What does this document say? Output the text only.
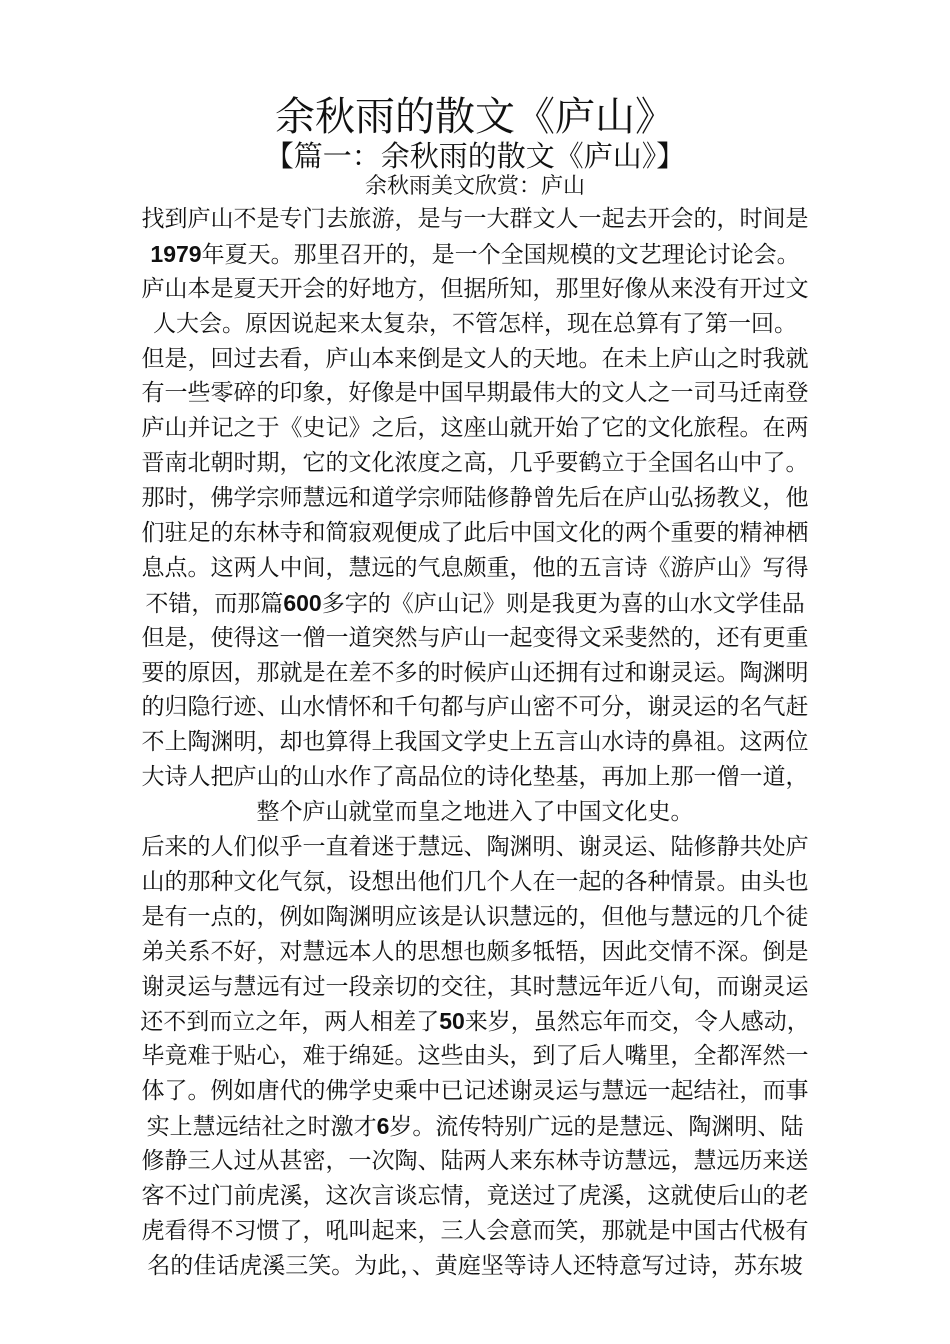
余秋雨的散文《庐山》
【篇一：余秋雨的散文《庐山》】
余秋雨美文欣赏：庐山
找到庐山不是专门去旅游，是与一大群文人一起去开会的，时间是
1979年夏天。那里召开的，是一个全国规模的文艺理论讨论会。
庐山本是夏天开会的好地方，但据所知，那里好像从来没有开过文
人大会。原因说起来太复杂，不管怎样，现在总算有了第一回。
但是，回过去看，庐山本来倒是文人的天地。在未上庐山之时我就
有一些零碎的印象，好像是中国早期最伟大的文人之一司马迁南登
庐山并记之于《史记》之后，这座山就开始了它的文化旅程。在两
晋南北朝时期，它的文化浓度之高，几乎要鹤立于全国名山中了。
那时，佛学宗师慧远和道学宗师陆修静曾先后在庐山弘扬教义，他
们驻足的东林寺和简寂观便成了此后中国文化的两个重要的精神栖
息点。这两人中间，慧远的气息颇重，他的五言诗《游庐山》写得
不错，而那篇600多字的《庐山记》则是我更为喜的山水文学佳品
但是，使得这一僧一道突然与庐山一起变得文采斐然的，还有更重
要的原因，那就是在差不多的时候庐山还拥有过和谢灵运。陶渊明
的归隐行迹、山水情怀和千句都与庐山密不可分，谢灵运的名气赶
不上陶渊明，却也算得上我国文学史上五言山水诗的鼻祖。这两位
大诗人把庐山的山水作了高品位的诗化垫基，再加上那一僧一道，
整个庐山就堂而皇之地进入了中国文化史。
后来的人们似乎一直着迷于慧远、陶渊明、谢灵运、陆修静共处庐
山的那种文化气氛，设想出他们几个人在一起的各种情景。由头也
是有一点的，例如陶渊明应该是认识慧远的，但他与慧远的几个徒
弟关系不好，对慧远本人的思想也颇多牴牾，因此交情不深。倒是
谢灵运与慧远有过一段亲切的交往，其时慧远年近八旬，而谢灵运
还不到而立之年，两人相差了50来岁，虽然忘年而交，令人感动，
毕竟难于贴心，难于绵延。这些由头，到了后人嘴里，全都浑然一
体了。例如唐代的佛学史乘中已记述谢灵运与慧远一起结社，而事
实上慧远结社之时激才6岁。流传特别广远的是慧远、陶渊明、陆
修静三人过从甚密，一次陶、陆两人来东林寺访慧远，慧远历来送
客不过门前虎溪，这次言谈忘情，竟送过了虎溪，这就使后山的老
虎看得不习惯了，吼叫起来，三人会意而笑，那就是中国古代极有
名的佳话虎溪三笑。为此，、黄庭坚等诗人还特意写过诗，苏东坡
